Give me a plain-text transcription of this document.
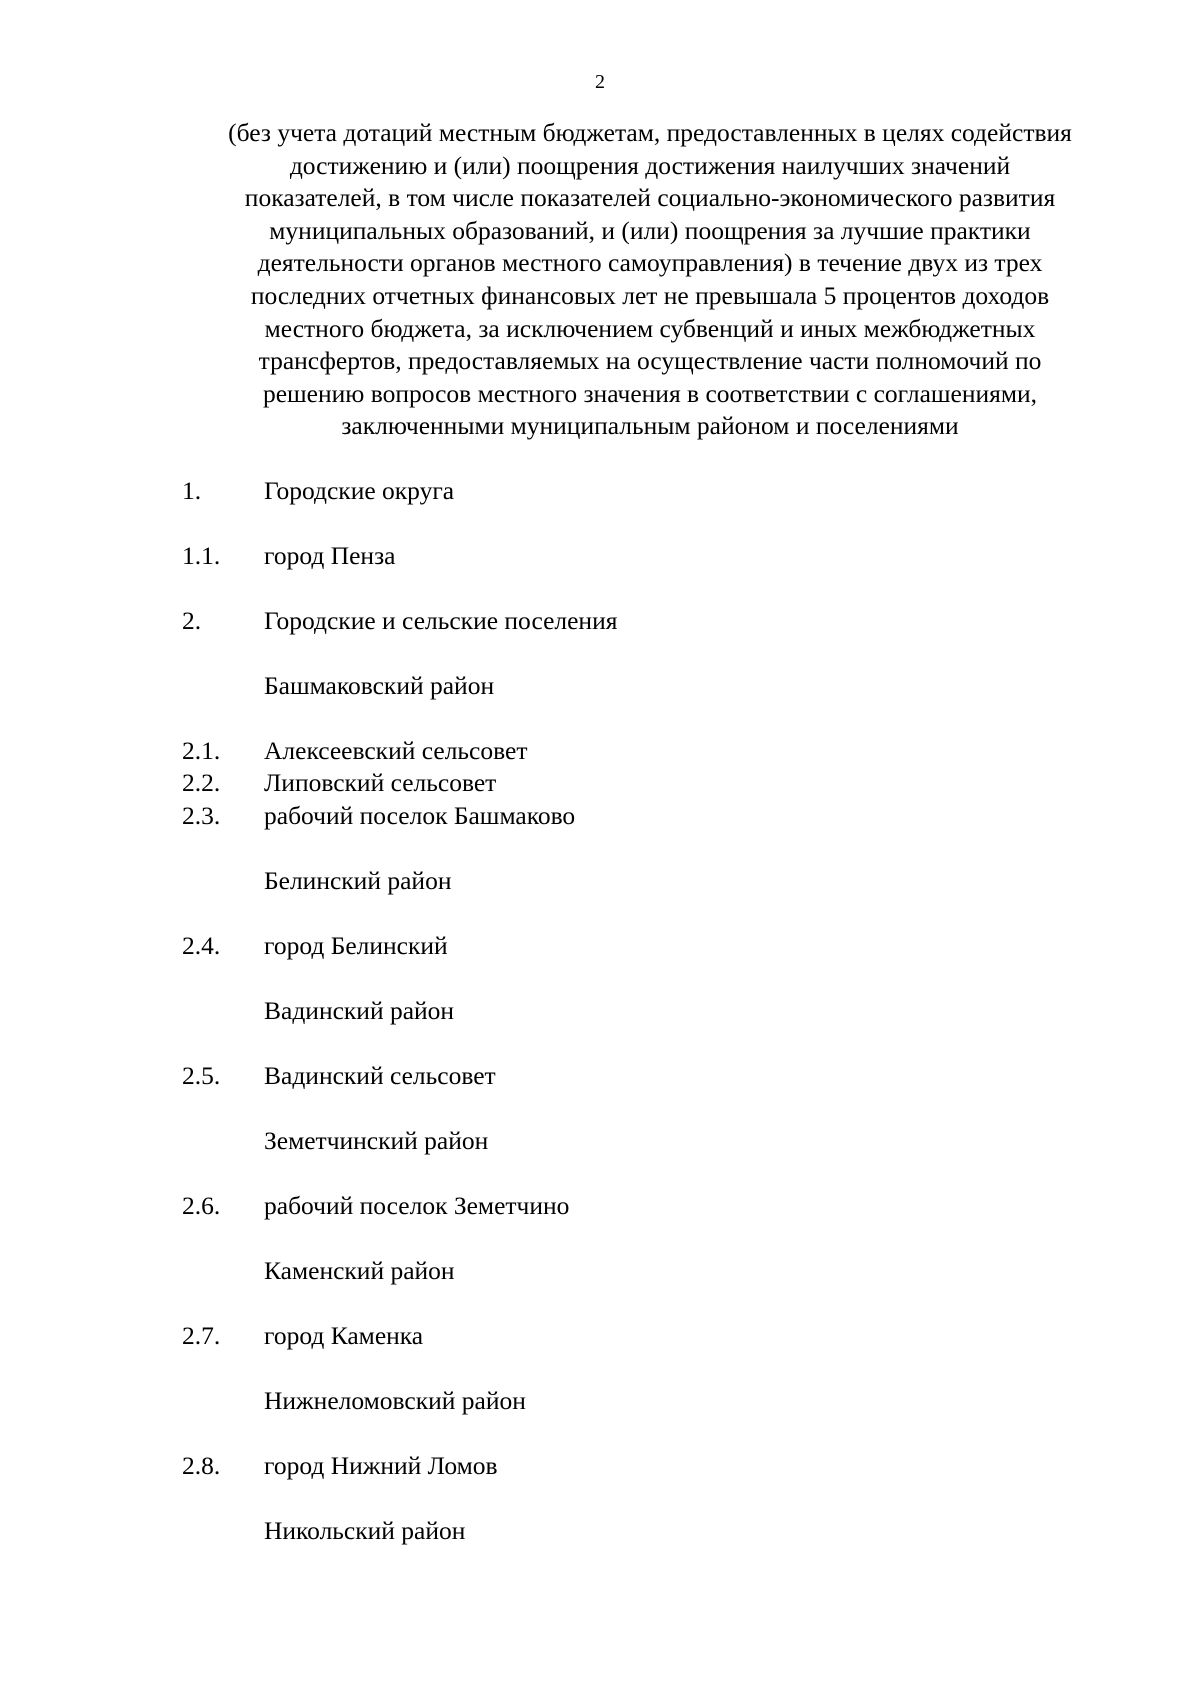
2
(без учета дотаций местным бюджетам, предоставленных в целях содействия
достижению и (или) поощрения достижения наилучших значений
показателей, в том числе показателей социально-экономического развития
муниципальных образований, и (или) поощрения за лучшие практики
деятельности органов местного самоуправления) в течение двух из трех
последних отчетных финансовых лет не превышала 5 процентов доходов
местного бюджета, за исключением субвенций и иных межбюджетных
трансфертов, предоставляемых на осуществление части полномочий по
решению вопросов местного значения в соответствии с соглашениями,
заключенными муниципальным районом и поселениями
1. Городские округа
1.1. город Пенза
2. Городские и сельские поселения
Башмаковский район
2.1. Алексеевский сельсовет
2.2. Липовский сельсовет
2.3. рабочий поселок Башмаково
Белинский район
2.4. город Белинский
Вадинский район
2.5. Вадинский сельсовет
Земетчинский район
2.6. рабочий поселок Земетчино
Каменский район
2.7. город Каменка
Нижнеломовский район
2.8. город Нижний Ломов
Никольский район
